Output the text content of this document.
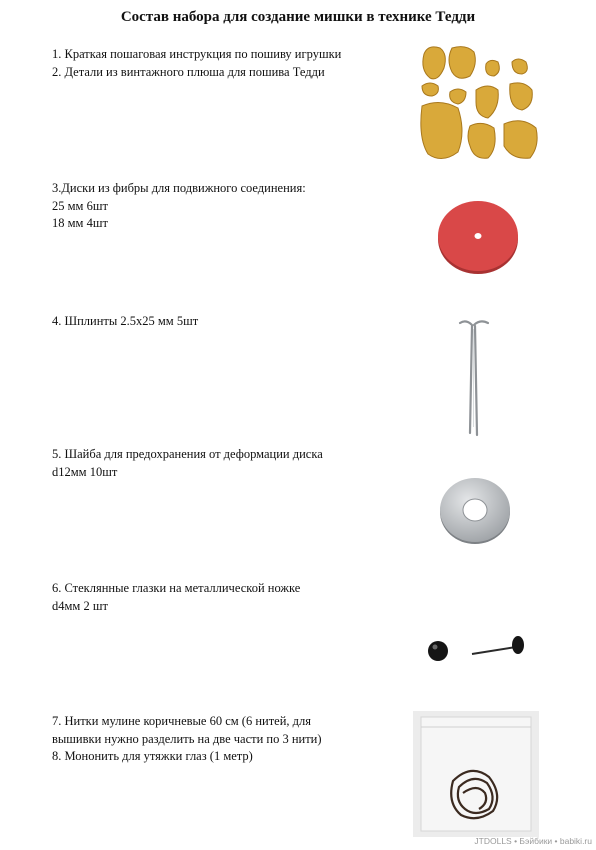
Состав набора для создание мишки в технике Тедди
1. Краткая пошаговая инструкция по пошиву игрушки
2. Детали из винтажного плюша для пошива Тедди
3.Диски из фибры для подвижного соединения:
25 мм 6шт
18 мм 4шт
4. Шплинты 2.5х25 мм 5шт
5. Шайба для предохранения от деформации диска
d12мм 10шт
6. Стеклянные глазки на металлической ножке
d4мм 2 шт
7. Нитки мулине коричневые 60 см (6 нитей, для
вышивки нужно разделить на две части по 3 нити)
8. Мононить для утяжки глаз (1 метр)
JTDOLLS • Бэйбики • babiki.ru
